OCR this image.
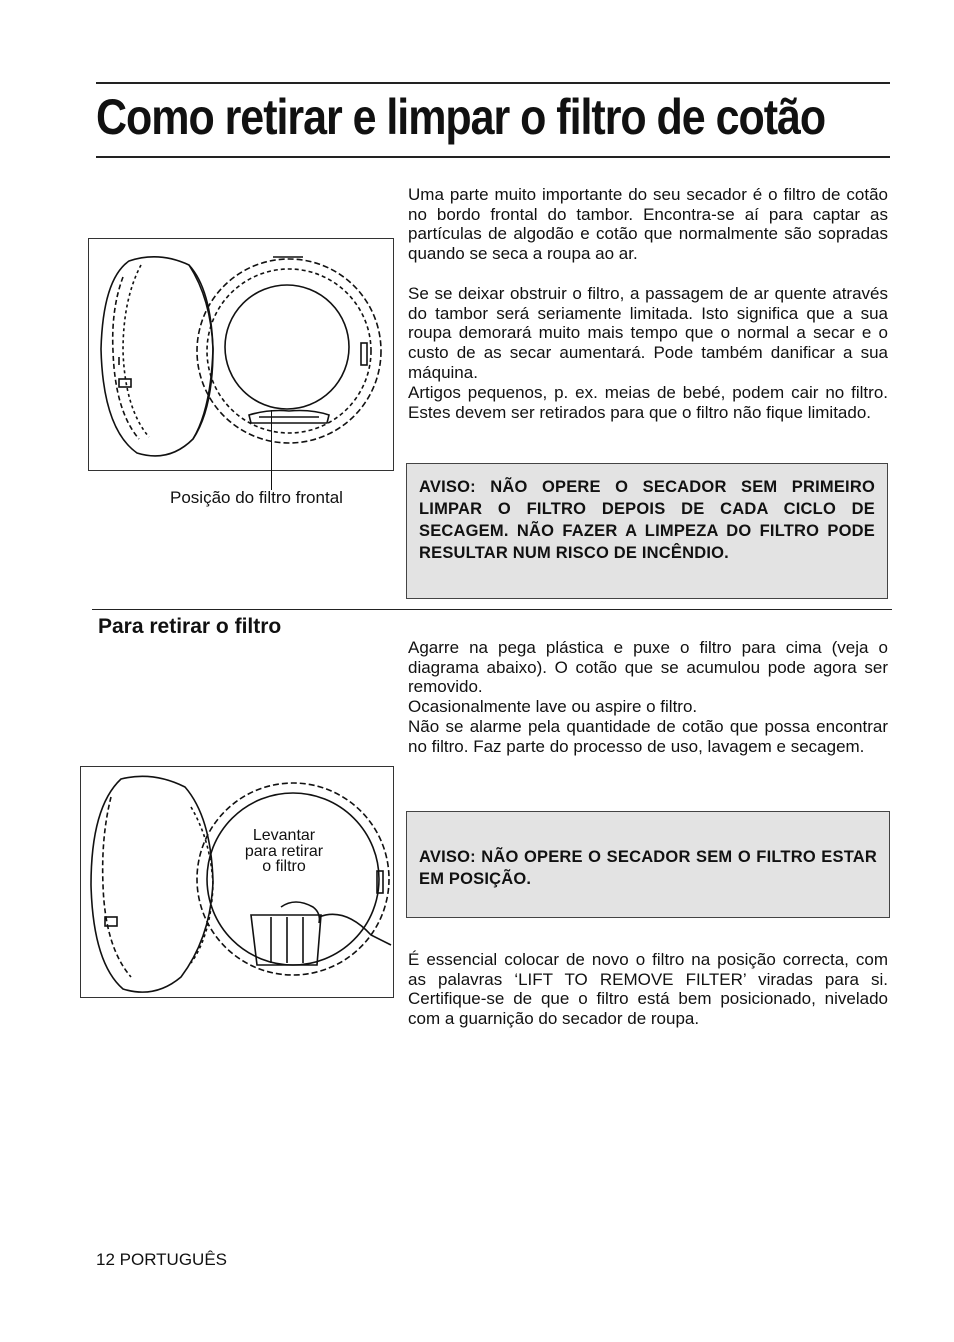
Como retirar e limpar o filtro de cotão

Uma parte muito importante do seu secador é o filtro de cotão no bordo frontal do tambor. Encontra-se aí para captar as partículas de algodão e cotão que normalmente são sopradas quando se seca a roupa ao ar.

Se se deixar obstruir o filtro, a passagem de ar quente através do tambor será seriamente limitada. Isto significa que a sua roupa demorará muito mais tempo que o normal a secar e o custo de as secar aumentará. Pode também danificar a sua máquina.

Artigos pequenos, p. ex. meias de bebé, podem cair no filtro. Estes devem ser retirados para que o filtro não fique limitado.

Posição do filtro frontal
AVISO: NÃO OPERE O SECADOR SEM PRIMEIRO LIMPAR O FILTRO DEPOIS DE CADA CICLO DE SECAGEM. NÃO FAZER A LIMPEZA DO FILTRO PODE RESULTAR NUM RISCO DE INCÊNDIO.
Para retirar o filtro

Agarre na pega plástica e puxe o filtro para cima (veja o diagrama abaixo). O cotão que se acumulou pode agora ser removido.

Ocasionalmente lave ou aspire o filtro.

Não se alarme pela quantidade de cotão que possa encontrar no filtro. Faz parte do processo de uso, lavagem e secagem.

Levantar
para retirar
o filtro
AVISO: NÃO OPERE O SECADOR SEM O FILTRO ESTAR EM POSIÇÃO.

É essencial colocar de novo o filtro na posição correcta, com as palavras ‘LIFT TO REMOVE FILTER’ viradas para si. Certifique-se de que o filtro está bem posicionado, nivelado com a guarnição do secador de roupa.

12 PORTUGUÊS
